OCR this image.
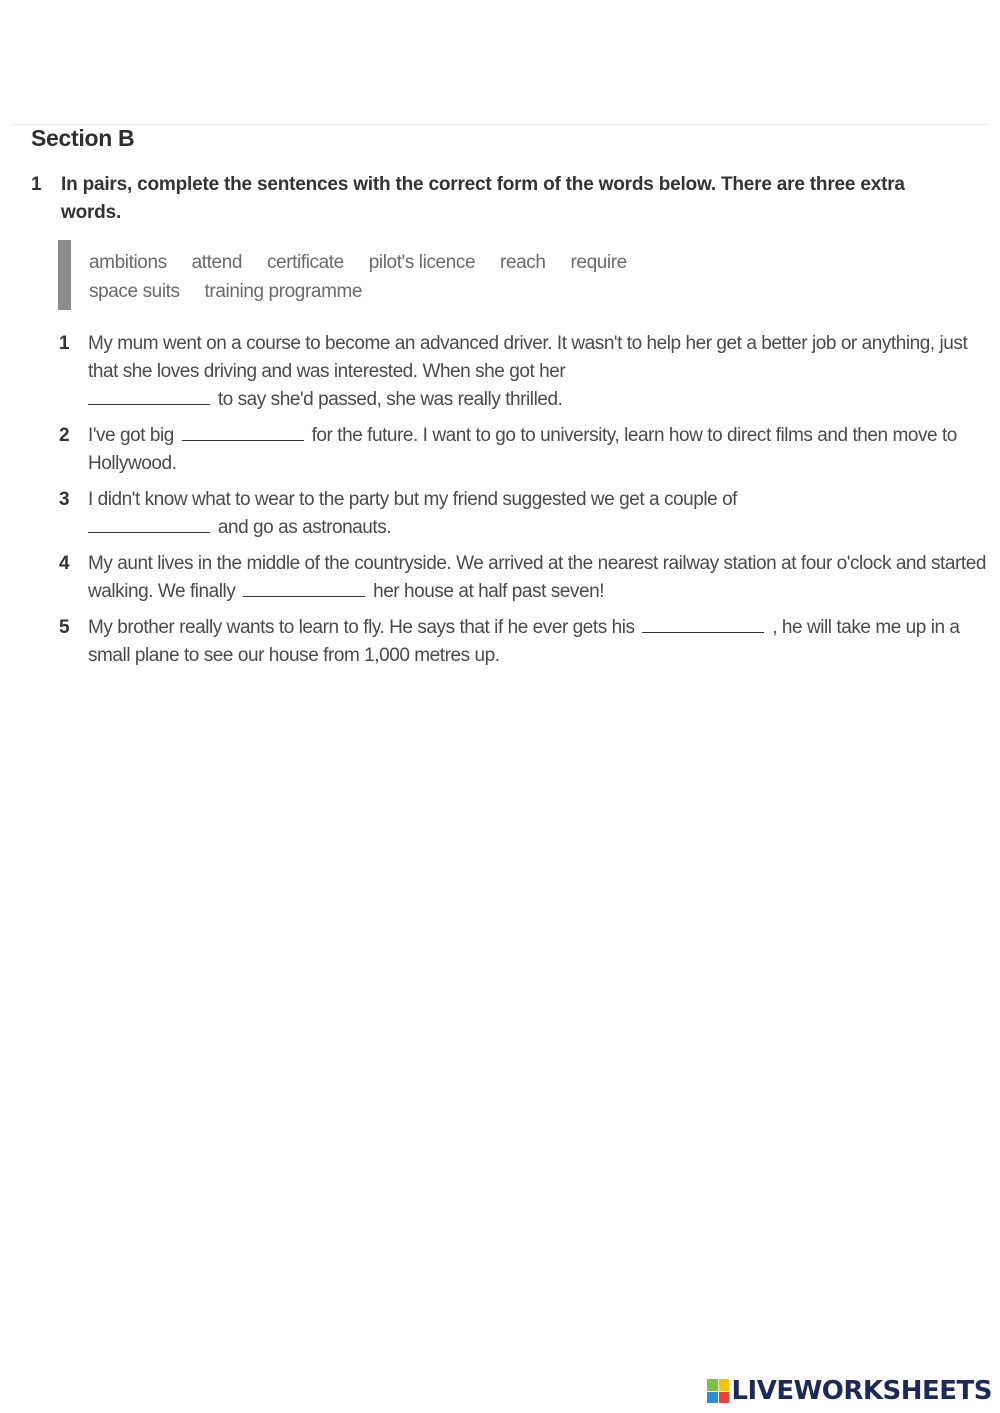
Section B
1 In pairs, complete the sentences with the correct form of the words below. There are three extra words.
ambitions attend certificate pilot's licence reach require
space suits training programme
1 My mum went on a course to become an advanced driver. It wasn't to help her get a better job or anything, just that she loves driving and was interested. When she got her
to say she'd passed, she was really thrilled.
2 I've got big	for the future. I want to go to university, learn how to direct films and then move to Hollywood.
3 I didn't know what to wear to the party but my friend suggested we get a couple of
and go as astronauts.
4 My aunt lives in the middle of the countryside. We arrived at the nearest railway station at four o'clock and started walking. We finally	her house at half past seven!
5 My brother really wants to learn to fly. He says that if he ever gets his	, he will take me up in a small plane to see our house from 1,000 metres up.
LIVEWORKSHEETS
